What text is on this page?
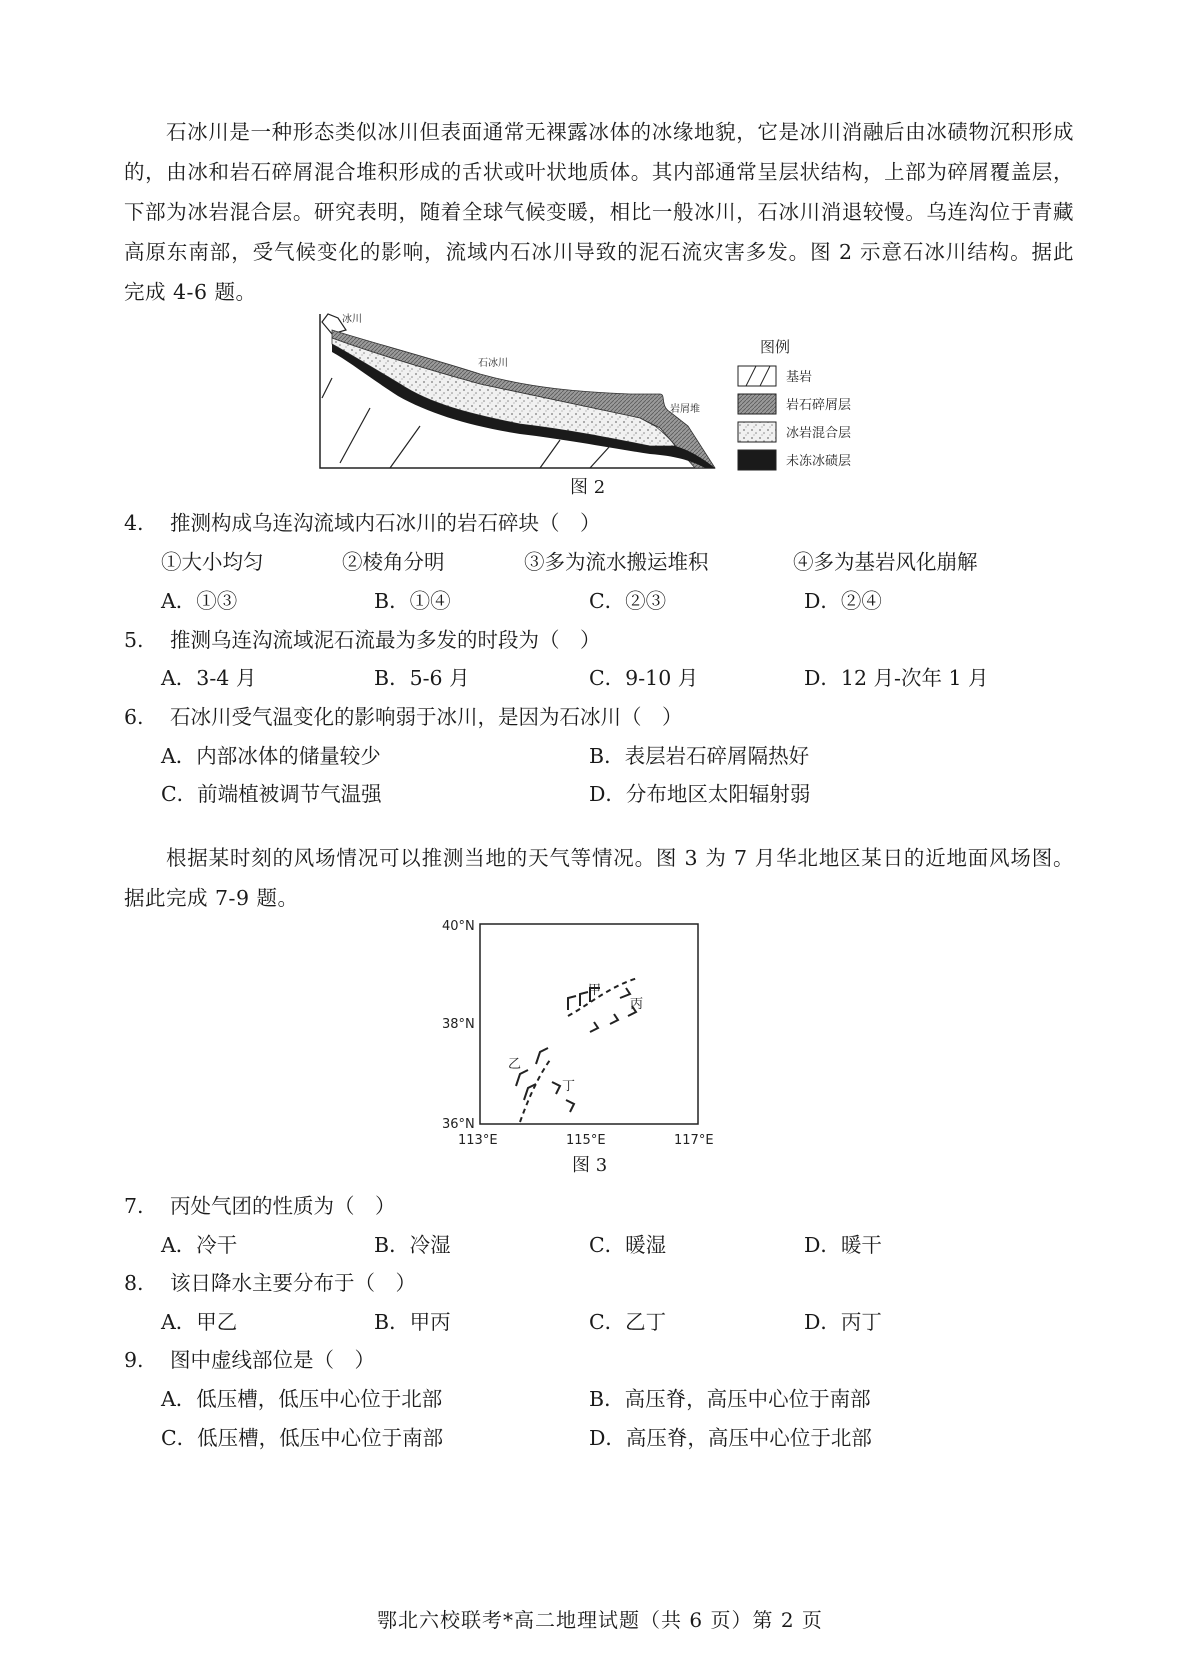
石冰川是一种形态类似冰川但表面通常无裸露冰体的冰缘地貌，它是冰川消融后由冰碛物沉积形成的，由冰和岩石碎屑混合堆积形成的舌状或叶状地质体。其内部通常呈层状结构，上部为碎屑覆盖层，下部为冰岩混合层。研究表明，随着全球气候变暖，相比一般冰川，石冰川消退较慢。乌连沟位于青藏高原东南部，受气候变化的影响，流域内石冰川导致的泥石流灾害多发。图 2 示意石冰川结构。据此完成 4-6 题。

冰川
石冰川
岩屑堆
图例
基岩
岩石碎屑层
冰岩混合层
未冻冰碛层
图 2
4. 推测构成乌连沟流域内石冰川的岩石碎块（　）
①大小均匀	②棱角分明	③多为流水搬运堆积	④多为基岩风化崩解
A．①③	B．①④	C．②③	D．②④
5. 推测乌连沟流域泥石流最为多发的时段为（　）
A．3-4 月	B．5-6 月	C．9-10 月	D．12 月-次年 1 月
6. 石冰川受气温变化的影响弱于冰川，是因为石冰川（　）
A．内部冰体的储量较少	B．表层岩石碎屑隔热好
C．前端植被调节气温强	D．分布地区太阳辐射弱

根据某时刻的风场情况可以推测当地的天气等情况。图 3 为 7 月华北地区某日的近地面风场图。据此完成 7-9 题。

40°N
38°N
36°N
113°E	115°E	117°E
甲
乙
丙
丁
图 3
7. 丙处气团的性质为（　）
A．冷干	B．冷湿	C．暖湿	D．暖干
8. 该日降水主要分布于（　）
A．甲乙	B．甲丙	C．乙丁	D．丙丁
9. 图中虚线部位是（　）
A．低压槽，低压中心位于北部	B．高压脊，高压中心位于南部
C．低压槽，低压中心位于南部	D．高压脊，高压中心位于北部
鄂北六校联考*高二地理试题（共 6 页）第 2 页
